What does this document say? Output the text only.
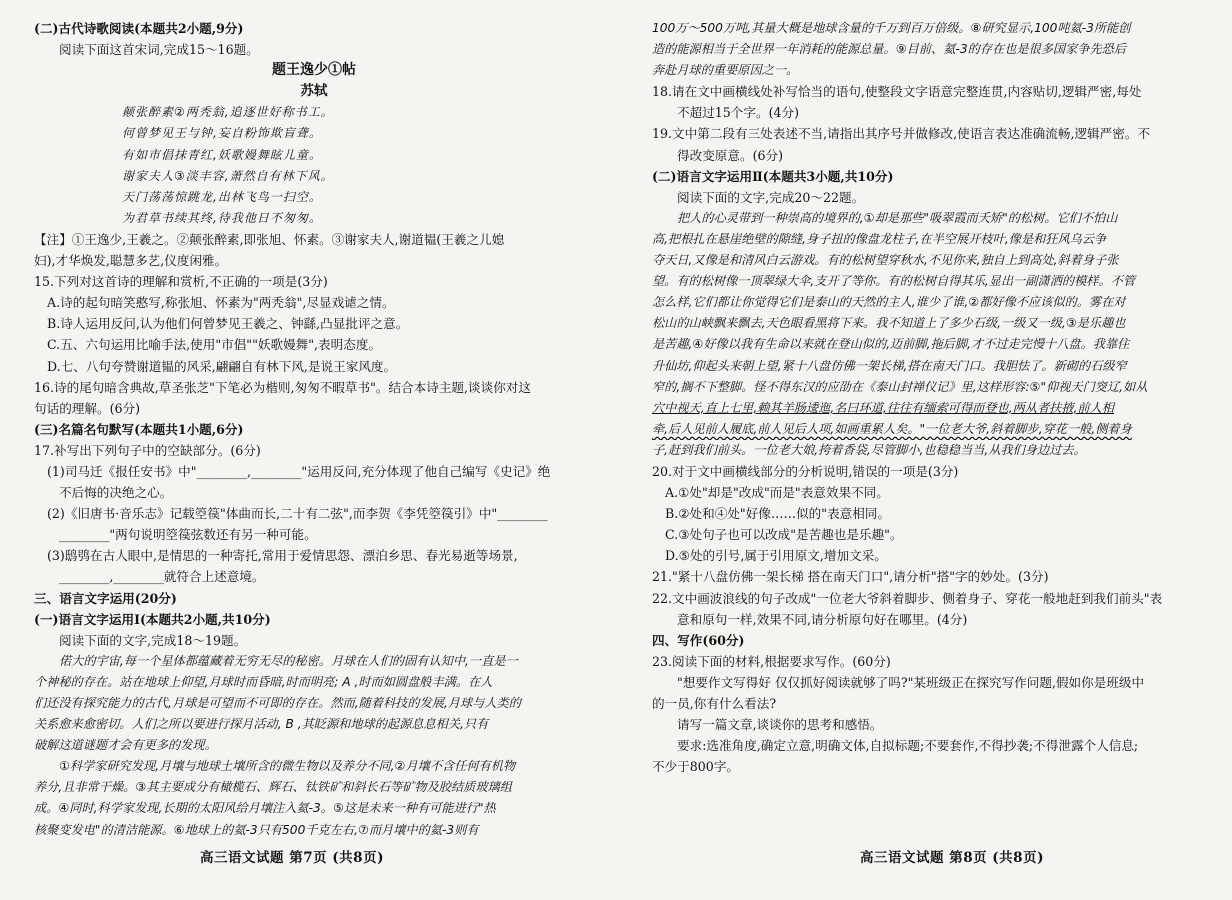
(二)古代诗歌阅读(本题共2小题,9分)
阅读下面这首宋词,完成15～16题。
题王逸少①帖
苏轼
颠张醉素②两秃翁,追逐世好称书工。
何曾梦见王与钟,妄自粉饰欺盲聋。
有如市倡抹青红,妖歌嫚舞眩儿童。
谢家夫人③淡丰容,萧然自有林下风。
天门荡荡惊跳龙,出林飞鸟一扫空。
为君草书续其终,待我他日不匆匆。
【注】①王逸少,王羲之。②颠张醉素,即张旭、怀素。③谢家夫人,谢道韫(王羲之儿媳
妇),才华焕发,聪慧多艺,仪度闲雅。
15.下列对这首诗的理解和赏析,不正确的一项是(3分)
A.诗的起句暗笑憨写,称张旭、怀素为"两秃翁",尽显戏谑之情。
B.诗人运用反问,认为他们何曾梦见王羲之、钟繇,凸显批评之意。
C.五、六句运用比喻手法,使用"市倡""妖歌嫚舞",表明态度。
D.七、八句夸赞谢道韫的风采,翩翩自有林下风,是说王家风度。
16.诗的尾句暗含典故,草圣张芝"下笔必为楷则,匆匆不暇草书"。结合本诗主题,谈谈你对这
句话的理解。(6分)
(三)名篇名句默写(本题共1小题,6分)
17.补写出下列句子中的空缺部分。(6分)
(1)司马迁《报任安书》中"________,________"运用反问,充分体现了他自己编写《史记》绝
不后悔的决绝之心。
(2)《旧唐书·音乐志》记载箜篌"体曲而长,二十有二弦",而李贺《李凭箜篌引》中"________
________"两句说明箜篌弦数还有另一种可能。
(3)鸱鸮在古人眼中,是情思的一种寄托,常用于爱情思怨、漂泊乡思、春光易逝等场景,
________,________就符合上述意境。
三、语言文字运用(20分)
(一)语言文字运用Ⅰ(本题共2小题,共10分)
阅读下面的文字,完成18～19题。
偌大的宇宙,每一个星体都蕴藏着无穷无尽的秘密。月球在人们的固有认知中,一直是一
个神秘的存在。站在地球上仰望,月球时而昏暗,时而明亮; A ,时而如圆盘般丰满。在人
们还没有探究能力的古代,月球是可望而不可即的存在。然而,随着科技的发展,月球与人类的
关系愈来愈密切。人们之所以要进行探月活动, B ,其眨源和地球的起源息息相关,只有
破解这道谜题才会有更多的发现。
①科学家研究发现,月壤与地球土壤所含的微生物以及养分不同,②月壤不含任何有机物
养分,且非常干燥。③其主要成分有橄榄石、辉石、钛铁矿和斜长石等矿物及胶结质玻璃组
成。④同时,科学家发现,长期的太阳风给月壤注入氦-3。⑤这是未来一种有可能进行"热
核聚变发电"的清洁能源。⑥地球上的氦-3只有500千克左右,⑦而月壤中的氦-3则有
100万～500万吨,其量大概是地球含量的千万到百万倍级。⑧研究显示,100吨氦-3所能创
造的能源相当于全世界一年消耗的能源总量。⑨目前、氦-3的存在也是很多国家争先恐后
奔赴月球的重要原因之一。
18.请在文中画横线处补写恰当的语句,使整段文字语意完整连贯,内容贴切,逻辑严密,每处
不超过15个字。(4分)
19.文中第二段有三处表述不当,请指出其序号并做修改,使语言表达准确流畅,逻辑严密。不
得改变原意。(6分)
(二)语言文字运用Ⅱ(本题共3小题,共10分)
阅读下面的文字,完成20～22题。
把人的心灵带到一种崇高的境界的,①却是那些"吸翠霞而夭矫"的松树。它们不怕山
高,把根扎在悬崖绝壁的隙缝,身子扭的像盘龙柱子,在半空展开枝叶,像是和狂风乌云争
夺天日,又像是和清风白云游戏。有的松树望穿秋水,不见你来,独自上到高处,斜着身子张
望。有的松树像一顶翠绿大伞,支开了等你。有的松树自得其乐,显出一副潇洒的模样。不管
怎么样,它们都让你觉得它们是泰山的天然的主人,谁少了谁,②都好像不应该似的。雾在对
松山的山峡飘来飘去,天色眼看黑将下来。我不知道上了多少石级,一级又一级,③是乐趣也
是苦趣,④好像以我有生命以来就在登山似的,迈前脚,拖后脚,才不过走完慢十八盘。我靠住
升仙坊,仰起头来朝上望,紧十八盘仿佛一架长梯,搭在南天门口。我胆怯了。新砌的石级窄
窄的,搁不下整脚。怪不得东汉的应劭在《泰山封禅仪记》里,这样形容:⑤"仰视天门窔辽,如从
穴中视天,直上七里,赖其羊肠逶迤,名曰环道,往往有缅索可得而登也,两从者扶掖,前人相
牵,后人见前人履底,前人见后人项,如画重累人矣。"一位老大爷,斜着脚步,穿花一般,侧着身
子,赶到我们前头。一位老大娘,挎着香袋,尽管脚小,也稳稳当当,从我们身边过去。
20.对于文中画横线部分的分析说明,错误的一项是(3分)
A.①处"却是"改成"而是"表意效果不同。
B.②处和④处"好像……似的"表意相同。
C.③处句子也可以改成"是苦趣也是乐趣"。
D.⑤处的引号,属于引用原文,增加文采。
21."紧十八盘仿佛一架长梯 搭在南天门口",请分析"搭"字的妙处。(3分)
22.文中画波浪线的句子改成"一位老大爷斜着脚步、侧着身子、穿花一般地赶到我们前头"表
意和原句一样,效果不同,请分析原句好在哪里。(4分)
四、写作(60分)
23.阅读下面的材料,根据要求写作。(60分)
"想要作文写得好 仅仅抓好阅读就够了吗?"某班级正在探究写作问题,假如你是班级中
的一员,你有什么看法?
请写一篇文章,谈谈你的思考和感悟。
要求:选准角度,确定立意,明确文体,自拟标题;不要套作,不得抄袭;不得泄露个人信息;
不少于800字。
高三语文试题 第7页 (共8页)	高三语文试题 第8页 (共8页)
